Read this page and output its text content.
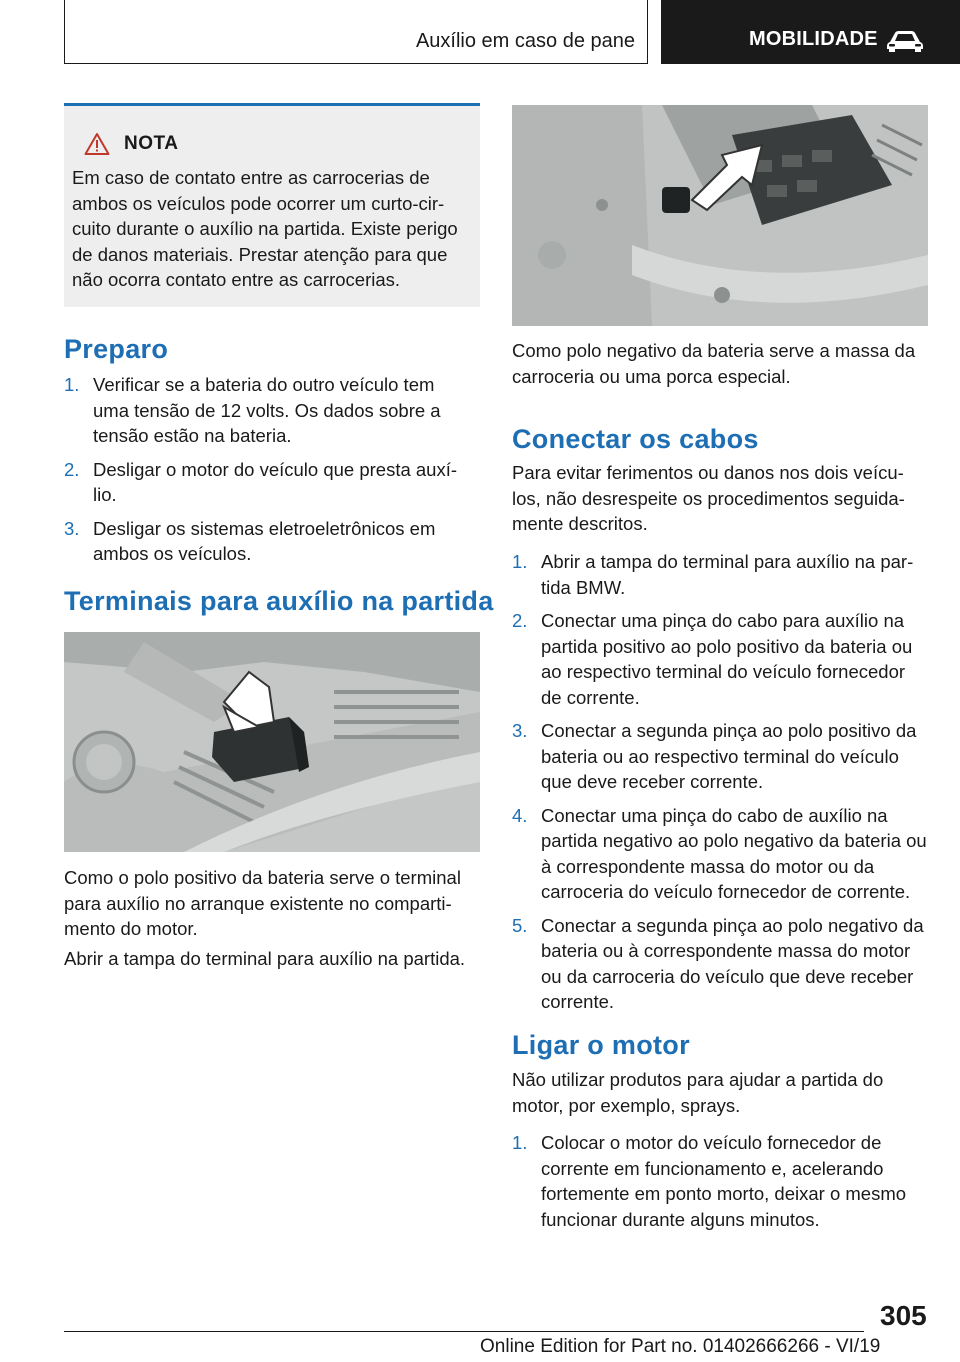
Auxílio em caso de pane	MOBILIDADE
NOTA
Em caso de contato entre as carrocerias de ambos os veículos pode ocorrer um curto-cir-cuito durante o auxílio na partida. Existe perigo de danos materiais. Prestar atenção para que não ocorra contato entre as carrocerias.
Preparo
1. Verificar se a bateria do outro veículo tem uma tensão de 12 volts. Os dados sobre a tensão estão na bateria.
2. Desligar o motor do veículo que presta auxí-lio.
3. Desligar os sistemas eletroeletrônicos em ambos os veículos.
Terminais para auxílio na partida
Como o polo positivo da bateria serve o terminal para auxílio no arranque existente no comparti-mento do motor.
Abrir a tampa do terminal para auxílio na partida.
Como polo negativo da bateria serve a massa da carroceria ou uma porca especial.
Conectar os cabos
Para evitar ferimentos ou danos nos dois veícu-los, não desrespeite os procedimentos seguida-mente descritos.
1. Abrir a tampa do terminal para auxílio na par-tida BMW.
2. Conectar uma pinça do cabo para auxílio na partida positivo ao polo positivo da bateria ou ao respectivo terminal do veículo fornecedor de corrente.
3. Conectar a segunda pinça ao polo positivo da bateria ou ao respectivo terminal do veículo que deve receber corrente.
4. Conectar uma pinça do cabo de auxílio na partida negativo ao polo negativo da bateria ou à correspondente massa do motor ou da carroceria do veículo fornecedor de corrente.
5. Conectar a segunda pinça ao polo negativo da bateria ou à correspondente massa do motor ou da carroceria do veículo que deve receber corrente.
Ligar o motor
Não utilizar produtos para ajudar a partida do motor, por exemplo, sprays.
1. Colocar o motor do veículo fornecedor de corrente em funcionamento e, acelerando fortemente em ponto morto, deixar o mesmo funcionar durante alguns minutos.
305
Online Edition for Part no. 01402666266 - VI/19
